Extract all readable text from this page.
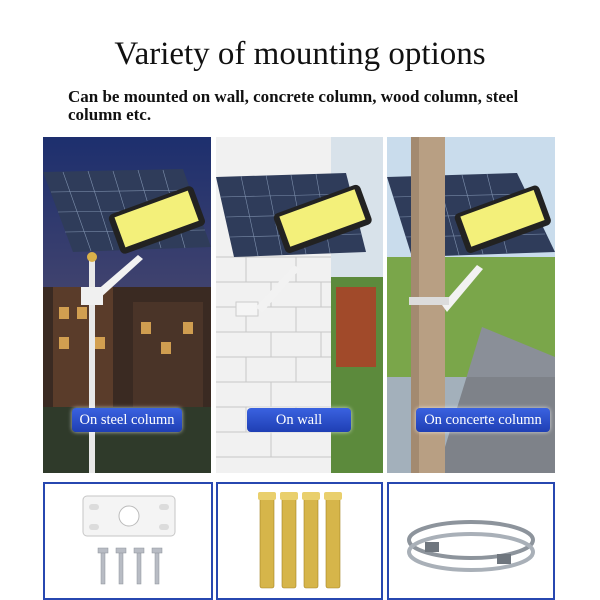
Variety of mounting options
Can be mounted on wall, concrete column, wood column, steel column etc.
On steel column	On wall	On concerte column
